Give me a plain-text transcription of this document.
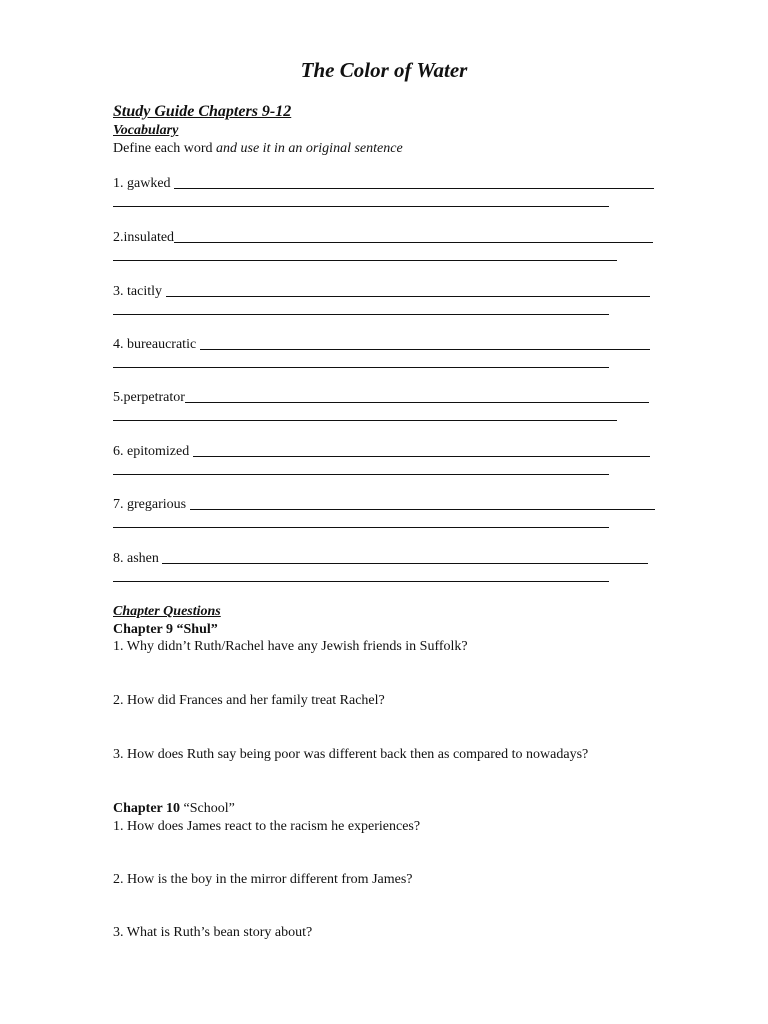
The Color of Water
Study Guide Chapters 9-12
Vocabulary
Define each word and use it in an original sentence
1. gawked
2.insulated
3. tacitly
4. bureaucratic
5.perpetrator
6. epitomized
7. gregarious
8. ashen
Chapter Questions
Chapter 9 “Shul”
1. Why didn’t Ruth/Rachel have any Jewish friends in Suffolk?
2. How did Frances and her family treat Rachel?
3. How does Ruth say being poor was different back then as compared to nowadays?
Chapter 10 “School”
1. How does James react to the racism he experiences?
2. How is the boy in the mirror different from James?
3. What is Ruth’s bean story about?
